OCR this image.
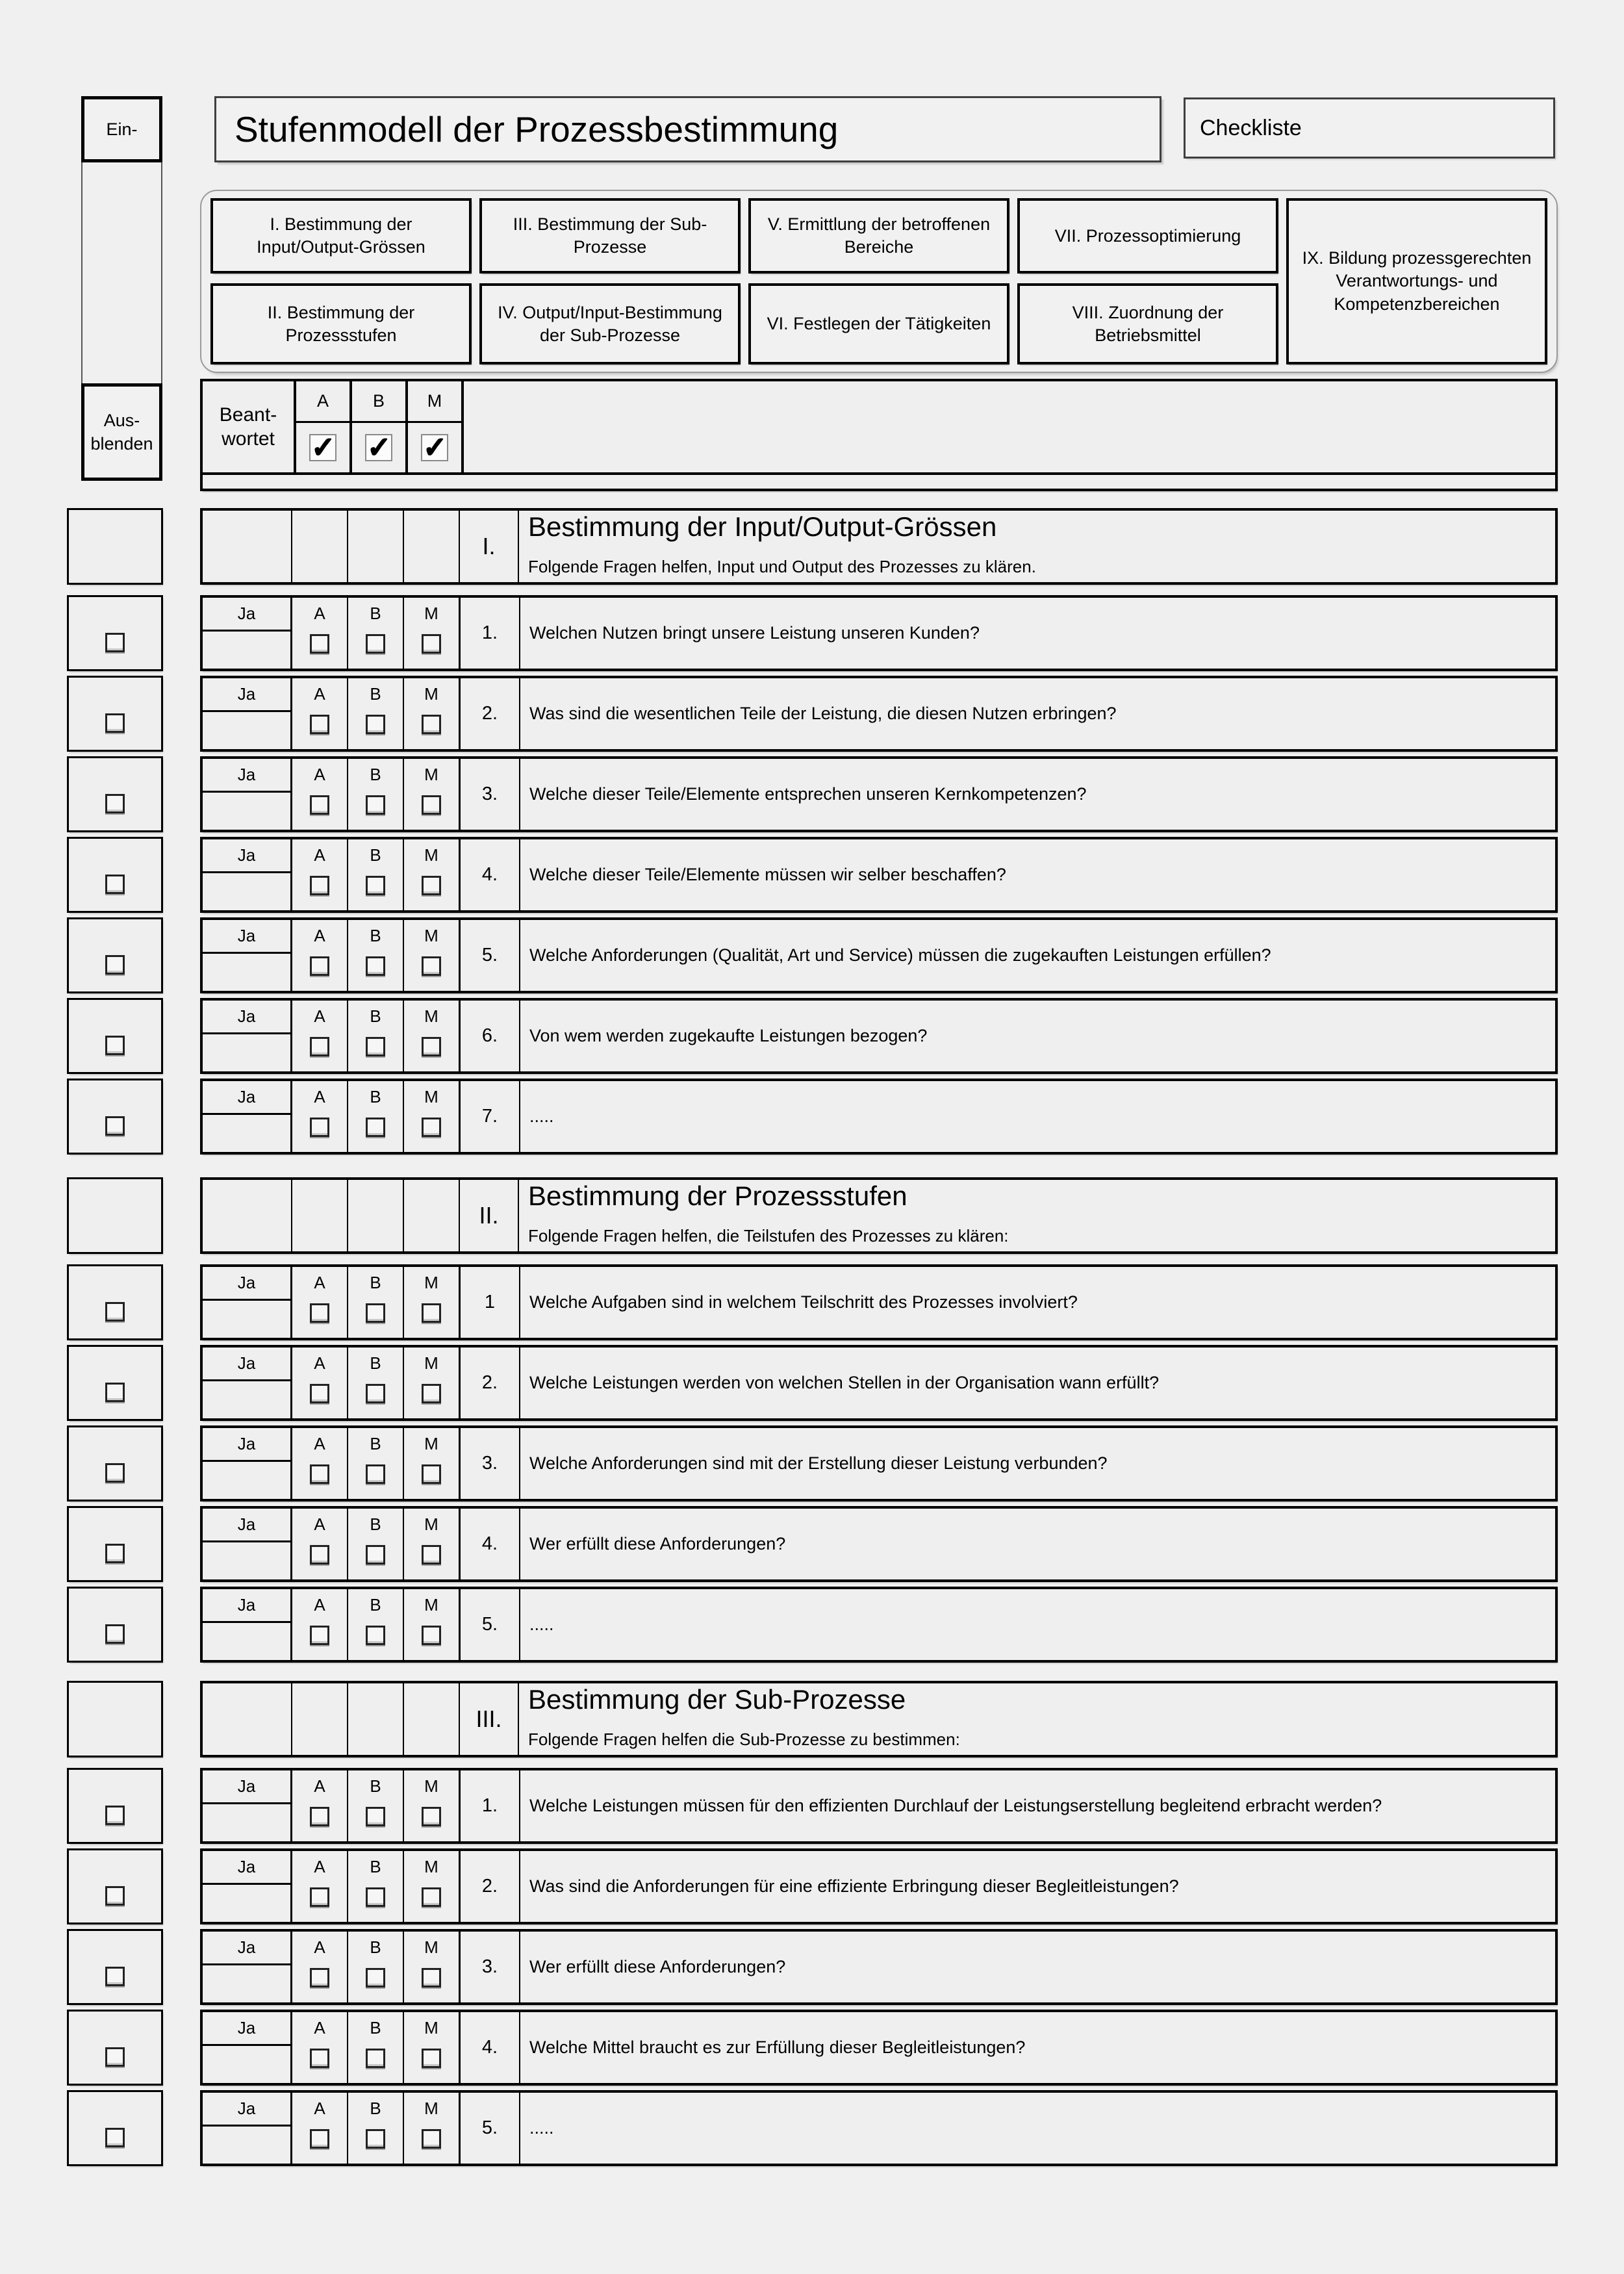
Ein-
Aus-
blenden
Stufenmodell der Prozessbestimmung	Checkliste
I. Bestimmung der Input/Output-Grössen
III. Bestimmung der Sub-Prozesse
V. Ermittlung der betroffenen Bereiche
VII. Prozessoptimierung
IX. Bildung prozessgerechten Verantwortungs- und Kompetenzbereichen
II. Bestimmung der Prozessstufen
IV. Output/Input-Bestimmung der Sub-Prozesse
VI. Festlegen der Tätigkeiten
VIII. Zuordnung der Betriebsmittel
Beant-
wortet
A
✓
B
✓
M
✓
I.
Bestimmung der Input/Output-Grössen
Folgende Fragen helfen, Input und Output des Prozesses zu klären.
Ja	A	B	M
1.	Welchen Nutzen bringt unsere Leistung unseren Kunden?
Ja	A	B	M
2.	Was sind die wesentlichen Teile der Leistung, die diesen Nutzen erbringen?
Ja	A	B	M
3.	Welche dieser Teile/Elemente entsprechen unseren Kernkompetenzen?
Ja	A	B	M
4.	Welche dieser Teile/Elemente müssen wir selber beschaffen?
Ja	A	B	M
5.	Welche Anforderungen (Qualität, Art und Service) müssen die zugekauften Leistungen erfüllen?
Ja	A	B	M
6.	Von wem werden zugekaufte Leistungen bezogen?
Ja	A	B	M
7.	.....
II.
Bestimmung der Prozessstufen
Folgende Fragen helfen, die Teilstufen des Prozesses zu klären:
Ja	A	B	M
1	Welche Aufgaben sind in welchem Teilschritt des Prozesses involviert?
Ja	A	B	M
2.	Welche Leistungen werden von welchen Stellen in der Organisation wann erfüllt?
Ja	A	B	M
3.	Welche Anforderungen sind mit der Erstellung dieser Leistung verbunden?
Ja	A	B	M
4.	Wer erfüllt diese Anforderungen?
Ja	A	B	M
5.	.....
III.
Bestimmung der Sub-Prozesse
Folgende Fragen helfen die Sub-Prozesse zu bestimmen:
Ja	A	B	M
1.	Welche Leistungen müssen für den effizienten Durchlauf der Leistungserstellung begleitend erbracht werden?
Ja	A	B	M
2.	Was sind die Anforderungen für eine effiziente Erbringung dieser Begleitleistungen?
Ja	A	B	M
3.	Wer erfüllt diese Anforderungen?
Ja	A	B	M
4.	Welche Mittel braucht es zur Erfüllung dieser Begleitleistungen?
Ja	A	B	M
5.	.....
